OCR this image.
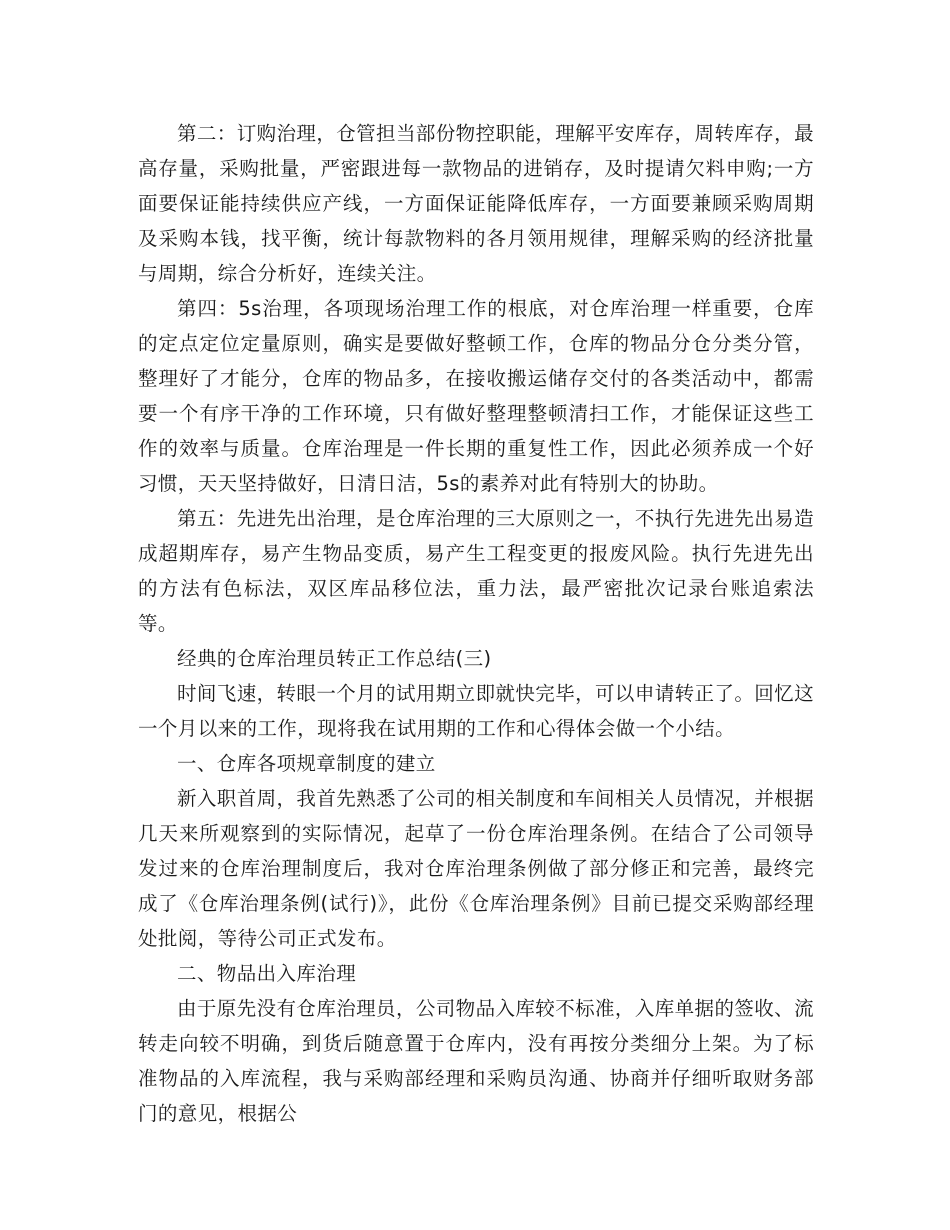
第二：订购治理，仓管担当部份物控职能，理解平安库存，周转库存，最高存量，采购批量，严密跟进每一款物品的进销存，及时提请欠料申购;一方面要保证能持续供应产线，一方面保证能降低库存，一方面要兼顾采购周期及采购本钱，找平衡，统计每款物料的各月领用规律，理解采购的经济批量与周期，综合分析好，连续关注。

第四：5s治理，各项现场治理工作的根底，对仓库治理一样重要，仓库的定点定位定量原则，确实是要做好整顿工作，仓库的物品分仓分类分管，整理好了才能分，仓库的物品多，在接收搬运储存交付的各类活动中，都需要一个有序干净的工作环境，只有做好整理整顿清扫工作，才能保证这些工作的效率与质量。仓库治理是一件长期的重复性工作，因此必须养成一个好习惯，天天坚持做好，日清日洁，5s的素养对此有特别大的协助。

第五：先进先出治理，是仓库治理的三大原则之一，不执行先进先出易造成超期库存，易产生物品变质，易产生工程变更的报废风险。执行先进先出的方法有色标法，双区库品移位法，重力法，最严密批次记录台账追索法等。

经典的仓库治理员转正工作总结(三)

时间飞速，转眼一个月的试用期立即就快完毕，可以申请转正了。回忆这一个月以来的工作，现将我在试用期的工作和心得体会做一个小结。

一、仓库各项规章制度的建立

新入职首周，我首先熟悉了公司的相关制度和车间相关人员情况，并根据几天来所观察到的实际情况，起草了一份仓库治理条例。在结合了公司领导发过来的仓库治理制度后，我对仓库治理条例做了部分修正和完善，最终完成了《仓库治理条例(试行)》，此份《仓库治理条例》目前已提交采购部经理处批阅，等待公司正式发布。

二、物品出入库治理

由于原先没有仓库治理员，公司物品入库较不标准，入库单据的签收、流转走向较不明确，到货后随意置于仓库内，没有再按分类细分上架。为了标准物品的入库流程，我与采购部经理和采购员沟通、协商并仔细听取财务部门的意见，根据公
